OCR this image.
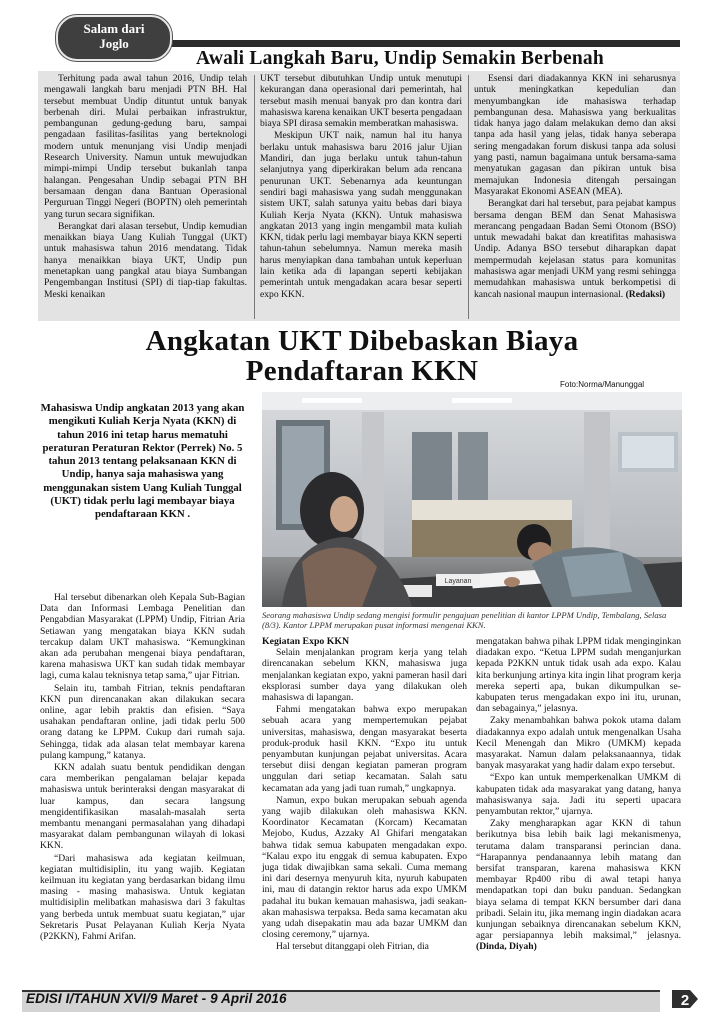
Salam dari
Joglo
Awali Langkah Baru, Undip Semakin Berbenah

Terhitung pada awal tahun 2016, Undip telah mengawali langkah baru menjadi PTN BH. Hal tersebut membuat Undip dituntut untuk banyak berbenah diri. Mulai perbaikan infrastruktur, pembangunan gedung-gedung baru, sampai pengadaan fasilitas-fasilitas yang berteknologi modern untuk menunjang visi Undip menjadi Research University. Namun untuk mewujudkan mimpi-mimpi Undip tersebut bukanlah tanpa halangan. Pengesahan Undip sebagai PTN BH bersamaan dengan dana Bantuan Operasional Perguruan Tinggi Negeri (BOPTN) oleh pemerintah yang turun secara signifikan.

Berangkat dari alasan tersebut, Undip kemudian menaikkan biaya Uang Kuliah Tunggal (UKT) untuk mahasiswa tahun 2016 mendatang. Tidak hanya menaikkan biaya UKT, Undip pun menetapkan uang pangkal atau biaya Sumbangan Pengembangan Institusi (SPI) di tiap-tiap fakultas. Meski kenaikan

UKT tersebut dibutuhkan Undip untuk menutupi kekurangan dana operasional dari pemerintah, hal tersebut masih menuai banyak pro dan kontra dari mahasiswa karena kenaikan UKT beserta pengadaan biaya SPI dirasa semakin memberatkan mahasiswa.

Meskipun UKT naik, namun hal itu hanya berlaku untuk mahasiswa baru 2016 jalur Ujian Mandiri, dan juga berlaku untuk tahun-tahun selanjutnya yang diperkirakan belum ada rencana penurunan UKT. Sebenarnya ada keuntungan sendiri bagi mahasiswa yang sudah menggunakan sistem UKT, salah satunya yaitu bebas dari biaya Kuliah Kerja Nyata (KKN). Untuk mahasiswa angkatan 2013 yang ingin mengambil mata kuliah KKN, tidak perlu lagi membayar biaya KKN seperti tahun-tahun sebelumnya. Namun mereka masih harus menyiapkan dana tambahan untuk keperluan lain ketika ada di lapangan seperti kebijakan pemerintah untuk mengadakan acara besar seperti expo KKN.

Esensi dari diadakannya KKN ini seharusnya untuk meningkatkan kepedulian dan menyumbangkan ide mahasiswa terhadap pembangunan desa. Mahasiswa yang berkualitas tidak hanya jago dalam melakukan demo dan aksi tanpa ada hasil yang jelas, tidak hanya seberapa sering mengadakan forum diskusi tanpa ada solusi yang pasti, namun bagaimana untuk bersama-sama menyatukan gagasan dan pikiran untuk bisa memajukan Indonesia ditengah persaingan Masyarakat Ekonomi ASEAN (MEA).

Berangkat dari hal tersebut, para pejabat kampus bersama dengan BEM dan Senat Mahasiswa merancang pengadaan Badan Semi Otonom (BSO) untuk mewadahi bakat dan kreatifitas mahasiswa Undip. Adanya BSO tersebut diharapkan dapat mempermudah kejelasan status para komunitas mahasiswa agar menjadi UKM yang resmi sehingga memudahkan mahasiswa untuk berkompetisi di kancah nasional maupun internasional. (Redaksi)

Angkatan UKT Dibebaskan Biaya
Pendaftaran KKN	Foto:Norma/Manunggal
Mahasiswa Undip angkatan 2013 yang akan mengikuti Kuliah Kerja Nyata (KKN) di tahun 2016 ini tetap harus mematuhi peraturan Peraturan Rektor (Perrek) No. 5 tahun 2013 tentang pelaksanaan KKN di Undip, hanya saja mahasiswa yang menggunakan sistem Uang Kuliah Tunggal (UKT) tidak perlu lagi membayar biaya pendaftaraan KKN .
Layanan
Seorang mahasiswa Undip sedang mengisi formulir pengajuan penelitian di kantor LPPM Undip, Tembalang, Selasa (8/3). Kantor LPPM merupakan pusat informasi mengenai KKN.

Hal tersebut dibenarkan oleh Kepala Sub-Bagian Data dan Informasi Lembaga Penelitian dan Pengabdian Masyarakat (LPPM) Undip, Fitrian Aria Setiawan yang mengatakan biaya KKN sudah tercakup dalam UKT mahasiswa. “Kemungkinan akan ada perubahan mengenai biaya pendaftaran, karena mahasiswa UKT kan sudah tidak membayar lagi, cuma kalau teknisnya tetap sama,” ujar Fitrian.

Selain itu, tambah Fitrian, teknis pendaftaran KKN pun direncanakan akan dilakukan secara online, agar lebih praktis dan efisien. “Saya usahakan pendaftaran online, jadi tidak perlu 500 orang datang ke LPPM. Cukup dari rumah saja. Sehingga, tidak ada alasan telat membayar karena pulang kampung,” katanya.

KKN adalah suatu bentuk pendidikan dengan cara memberikan pengalaman belajar kepada mahasiswa untuk berinteraksi dengan masyarakat di luar kampus, dan secara langsung mengidentifikasikan masalah-masalah serta membantu menangani permasalahan yang dihadapi masyarakat dalam pembangunan wilayah di lokasi KKN.

“Dari mahasiswa ada kegiatan keilmuan, kegiatan multidisiplin, itu yang wajib. Kegiatan keilmuan itu kegiatan yang berdasarkan bidang ilmu masing - masing mahasiswa. Untuk kegiatan multidisiplin melibatkan mahasiswa dari 3 fakultas yang berbeda untuk membuat suatu kegiatan,” ujar Sekretaris Pusat Pelayanan Kuliah Kerja Nyata (P2KKN), Fahmi Arifan.

Kegiatan Expo KKN

Selain menjalankan program kerja yang telah direncanakan sebelum KKN, mahasiswa juga menjalankan kegiatan expo, yakni pameran hasil dari eksplorasi sumber daya yang dilakukan oleh mahasiswa di lapangan.

Fahmi mengatakan bahwa expo merupakan sebuah acara yang mempertemukan pejabat universitas, mahasiswa, dengan masyarakat beserta produk-produk hasil KKN. “Expo itu untuk penyambutan kunjungan pejabat universitas. Acara tersebut diisi dengan kegiatan pameran program unggulan dari setiap kecamatan. Salah satu kecamatan ada yang jadi tuan rumah,” ungkapnya.

Namun, expo bukan merupakan sebuah agenda yang wajib dilakukan oleh mahasiswa KKN. Koordinator Kecamatan (Korcam) Kecamatan Mejobo, Kudus, Azzaky Al Ghifari mengatakan bahwa tidak semua kabupaten mengadakan expo. “Kalau expo itu enggak di semua kabupaten. Expo juga tidak diwajibkan sama sekali. Cuma memang ini dari desernya menyuruh kita, nyuruh kabupaten ini, mau di datangin rektor harus ada expo UMKM padahal itu bukan kemauan mahasiswa, jadi seakan-akan mahasiswa terpaksa. Beda sama kecamatan aku yang udah disepakatin mau ada bazar UMKM dan closing ceremony,” ujarnya.

Hal tersebut ditanggapi oleh Fitrian, dia

mengatakan bahwa pihak LPPM tidak menginginkan diadakan expo. “Ketua LPPM sudah menganjurkan kepada P2KKN untuk tidak usah ada expo. Kalau kita berkunjung artinya kita ingin lihat program kerja mereka seperti apa, bukan dikumpulkan se-kabupaten terus mengadakan expo ini itu, urunan, dan sebagainya,” jelasnya.

Zaky menambahkan bahwa pokok utama dalam diadakannya expo adalah untuk mengenalkan Usaha Kecil Menengah dan Mikro (UMKM) kepada masyarakat. Namun dalam pelaksanaannya, tidak banyak masyarakat yang hadir dalam expo tersebut.

“Expo kan untuk memperkenalkan UMKM di kabupaten tidak ada masyarakat yang datang, hanya mahasiswanya saja. Jadi itu seperti upacara penyambutan rektor,” ujarnya.

Zaky mengharapkan agar KKN di tahun berikutnya bisa lebih baik lagi mekanismenya, terutama dalam transparansi perincian dana. “Harapannya pendanaannya lebih matang dan bersifat transparan, karena mahasiswa KKN membayar Rp400 ribu di awal tetapi hanya mendapatkan topi dan buku panduan. Sedangkan biaya selama di tempat KKN bersumber dari dana pribadi. Selain itu, jika memang ingin diadakan acara kunjungan sebaiknya direncanakan sebelum KKN, agar persiapannya lebih maksimal,” jelasnya. (Dinda, Diyah)

EDISI I/TAHUN XVI/9 Maret - 9 April 2016	2
